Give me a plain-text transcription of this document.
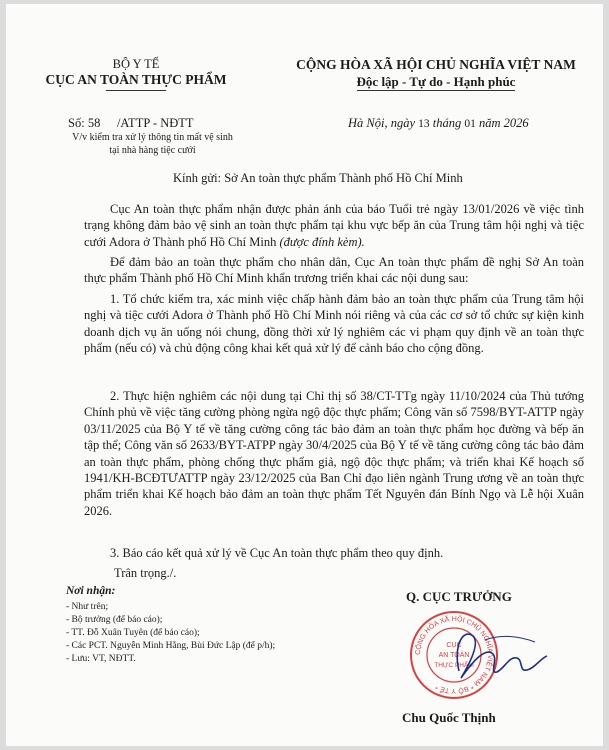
BỘ Y TẾ
CỤC AN TOÀN THỰC PHẨM
CỘNG HÒA XÃ HỘI CHỦ NGHĨA VIỆT NAM
Độc lập - Tự do - Hạnh phúc
Số: 58 /ATTP - NĐTT
V/v kiểm tra xử lý thông tin mất vệ sinh
tại nhà hàng tiệc cưới
Hà Nội, ngày 13 tháng 01 năm 2026
Kính gửi: Sở An toàn thực phẩm Thành phố Hồ Chí Minh

Cục An toàn thực phẩm nhận được phản ánh của báo Tuổi trẻ ngày 13/01/2026 về việc tình trạng không đảm bảo vệ sinh an toàn thực phẩm tại khu vực bếp ăn của Trung tâm hội nghị và tiệc cưới Adora ở Thành phố Hồ Chí Minh (được đính kèm).

Để đảm bảo an toàn thực phẩm cho nhân dân, Cục An toàn thực phẩm đề nghị Sở An toàn thực phẩm Thành phố Hồ Chí Minh khẩn trương triển khai các nội dung sau:

1. Tổ chức kiểm tra, xác minh việc chấp hành đảm bảo an toàn thực phẩm của Trung tâm hội nghị và tiệc cưới Adora ở Thành phố Hồ Chí Minh nói riêng và của các cơ sở tổ chức sự kiện kinh doanh dịch vụ ăn uống nói chung, đồng thời xử lý nghiêm các vi phạm quy định về an toàn thực phẩm (nếu có) và chủ động công khai kết quả xử lý để cảnh báo cho cộng đồng.

2. Thực hiện nghiêm các nội dung tại Chỉ thị số 38/CT-TTg ngày 11/10/2024 của Thủ tướng Chính phủ về việc tăng cường phòng ngừa ngộ độc thực phẩm; Công văn số 7598/BYT-ATTP ngày 03/11/2025 của Bộ Y tế về tăng cường công tác bảo đảm an toàn thực phẩm học đường và bếp ăn tập thể; Công văn số 2633/BYT-ATPP ngày 30/4/2025 của Bộ Y tế về tăng cường công tác bảo đảm an toàn thực phẩm, phòng chống thực phẩm giả, ngộ độc thực phẩm; và triển khai Kế hoạch số 1941/KH-BCĐTƯATTP ngày 23/12/2025 của Ban Chỉ đạo liên ngành Trung ương về an toàn thực phẩm triển khai Kế hoạch bảo đảm an toàn thực phẩm Tết Nguyên đán Bính Ngọ và Lễ hội Xuân 2026.

3. Báo cáo kết quả xử lý về Cục An toàn thực phẩm theo quy định.

Trân trọng./.
Nơi nhận:
- Như trên;
- Bộ trưởng (để báo cáo);
- TT. Đỗ Xuân Tuyên (để báo cáo);
- Các PCT. Nguyễn Minh Hằng, Bùi Đức Lập (để p/h);
- Lưu: VT, NĐTT.
Q. CỤC TRƯỞNG
CỘNG HÒA XÃ HỘI CHỦ NGHĨA VIỆT NAM * BỘ Y TẾ *
CỤC
AN TOÀN
THỰC PHẨM
Chu Quốc Thịnh
